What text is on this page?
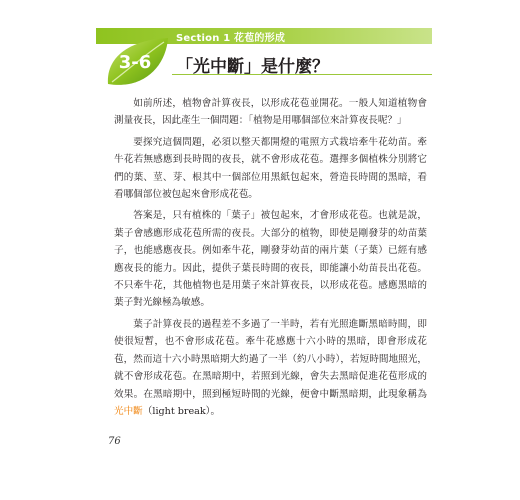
Section 1 花苞的形成
3-6	「光中斷」是什麼？

如前所述，植物會計算夜長，以形成花苞並開花。一般人知道植物會測量夜長，因此產生一個問題：「植物是用哪個部位來計算夜長呢？」

要探究這個問題，必須以整天都開燈的電照方式栽培牽牛花幼苗。牽牛花若無感應到長時間的夜長，就不會形成花苞。選擇多個植株分別將它們的葉、莖、芽、根其中一個部位用黑紙包起來，營造長時間的黑暗，看看哪個部位被包起來會形成花苞。

答案是，只有植株的「葉子」被包起來，才會形成花苞。也就是說，葉子會感應形成花苞所需的夜長。大部分的植物，即使是剛發芽的幼苗葉子，也能感應夜長。例如牽牛花，剛發芽幼苗的兩片葉（子葉）已經有感應夜長的能力。因此，提供子葉長時間的夜長，即能讓小幼苗長出花苞。不只牽牛花，其他植物也是用葉子來計算夜長，以形成花苞。感應黑暗的葉子對光線極為敏感。

葉子計算夜長的過程差不多過了一半時，若有光照進斷黑暗時間，即使很短暫，也不會形成花苞。牽牛花感應十六小時的黑暗，即會形成花苞，然而這十六小時黑暗期大約過了一半（約八小時），若短時間地照光，就不會形成花苞。在黑暗期中，若照到光線，會失去黑暗促進花苞形成的效果。在黑暗期中，照到極短時間的光線，便會中斷黑暗期，此現象稱為光中斷（light break）。

76
